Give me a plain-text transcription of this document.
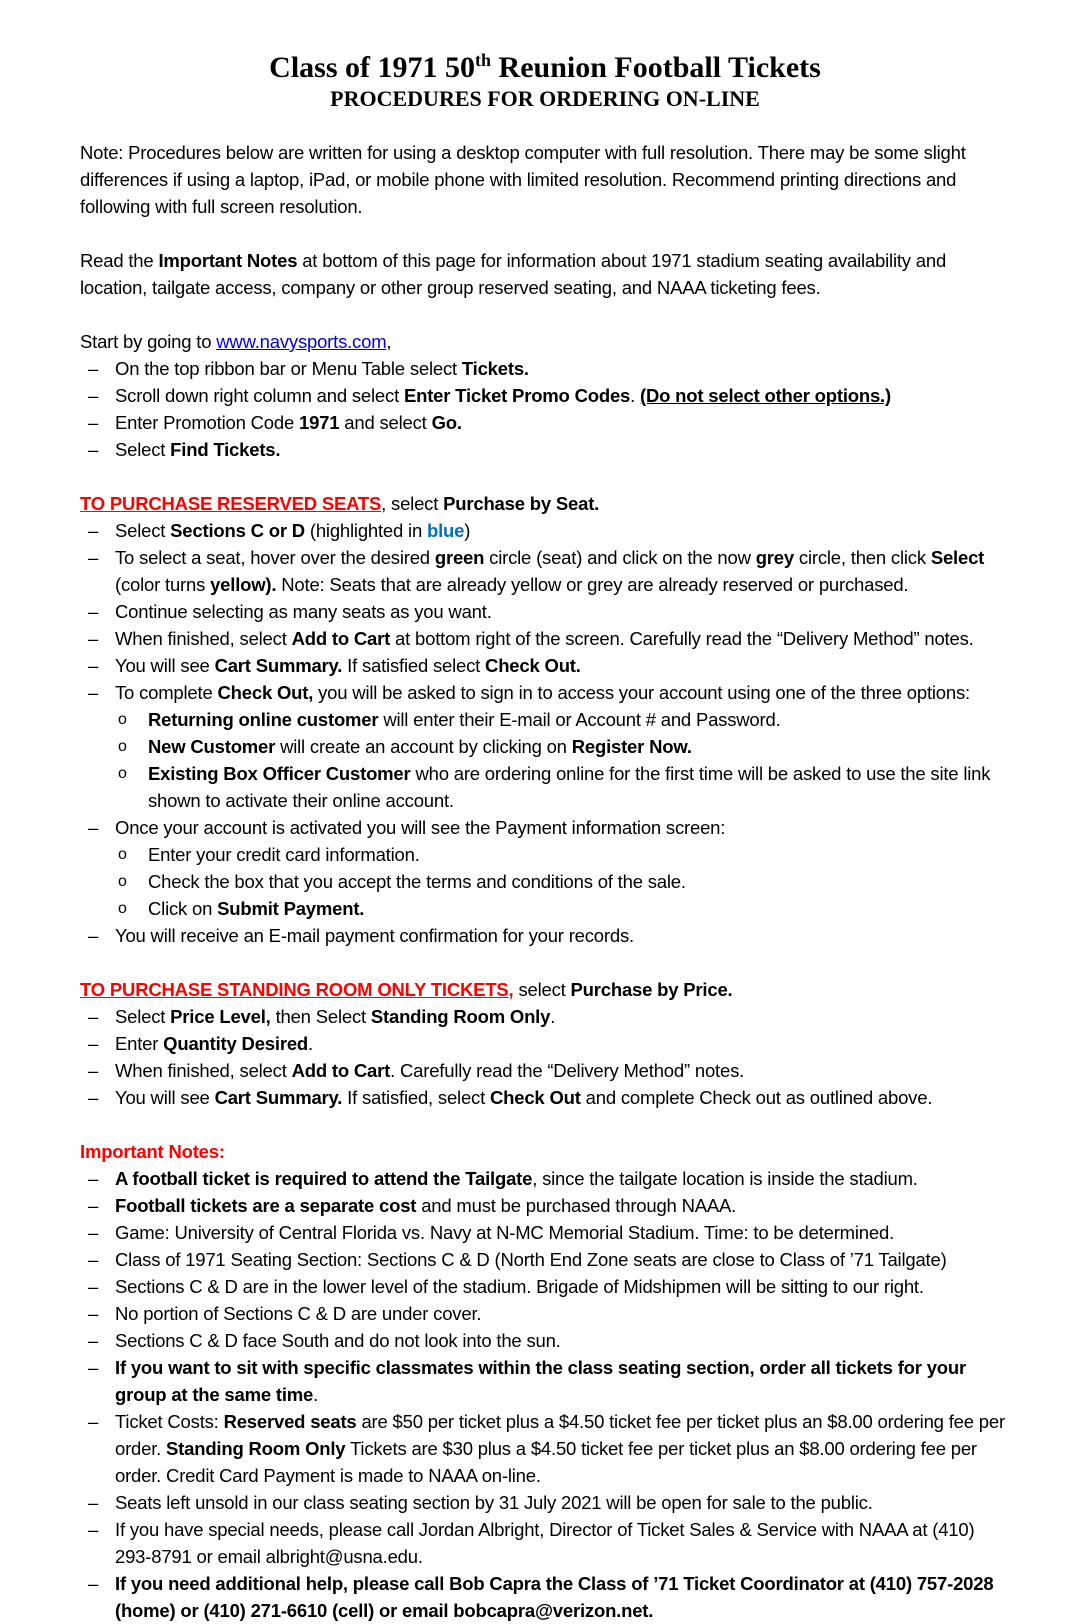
Class of 1971 50th Reunion Football Tickets
PROCEDURES FOR ORDERING ON-LINE
Note: Procedures below are written for using a desktop computer with full resolution. There may be some slight differences if using a laptop, iPad, or mobile phone with limited resolution. Recommend printing directions and following with full screen resolution.
Read the Important Notes at bottom of this page for information about 1971 stadium seating availability and location, tailgate access, company or other group reserved seating, and NAAA ticketing fees.
Start by going to www.navysports.com,
– On the top ribbon bar or Menu Table select Tickets.
– Scroll down right column and select Enter Ticket Promo Codes. (Do not select other options.)
– Enter Promotion Code 1971 and select Go.
– Select Find Tickets.
TO PURCHASE RESERVED SEATS, select Purchase by Seat.
– Select Sections C or D (highlighted in blue)
– To select a seat, hover over the desired green circle (seat) and click on the now grey circle, then click Select (color turns yellow). Note: Seats that are already yellow or grey are already reserved or purchased.
– Continue selecting as many seats as you want.
– When finished, select Add to Cart at bottom right of the screen. Carefully read the “Delivery Method” notes.
– You will see Cart Summary. If satisfied select Check Out.
– To complete Check Out, you will be asked to sign in to access your account using one of the three options:
o	Returning online customer will enter their E-mail or Account # and Password.
o	New Customer will create an account by clicking on Register Now.
o	Existing Box Officer Customer who are ordering online for the first time will be asked to use the site link shown to activate their online account.
– Once your account is activated you will see the Payment information screen:
o	Enter your credit card information.
o	Check the box that you accept the terms and conditions of the sale.
o	Click on Submit Payment.
– You will receive an E-mail payment confirmation for your records.
TO PURCHASE STANDING ROOM ONLY TICKETS, select Purchase by Price.
– Select Price Level, then Select Standing Room Only.
– Enter Quantity Desired.
– When finished, select Add to Cart. Carefully read the “Delivery Method” notes.
– You will see Cart Summary. If satisfied, select Check Out and complete Check out as outlined above.
Important Notes:
– A football ticket is required to attend the Tailgate, since the tailgate location is inside the stadium.
– Football tickets are a separate cost and must be purchased through NAAA.
– Game: University of Central Florida vs. Navy at N-MC Memorial Stadium. Time: to be determined.
– Class of 1971 Seating Section: Sections C & D (North End Zone seats are close to Class of ’71 Tailgate)
– Sections C & D are in the lower level of the stadium. Brigade of Midshipmen will be sitting to our right.
– No portion of Sections C & D are under cover.
– Sections C & D face South and do not look into the sun.
– If you want to sit with specific classmates within the class seating section, order all tickets for your group at the same time.
– Ticket Costs: Reserved seats are $50 per ticket plus a $4.50 ticket fee per ticket plus an $8.00 ordering fee per order. Standing Room Only Tickets are $30 plus a $4.50 ticket fee per ticket plus an $8.00 ordering fee per order. Credit Card Payment is made to NAAA on-line.
– Seats left unsold in our class seating section by 31 July 2021 will be open for sale to the public.
– If you have special needs, please call Jordan Albright, Director of Ticket Sales & Service with NAAA at (410) 293-8791 or email albright@usna.edu.
– If you need additional help, please call Bob Capra the Class of ’71 Ticket Coordinator at (410) 757-2028 (home) or (410) 271-6610 (cell) or email bobcapra@verizon.net.
